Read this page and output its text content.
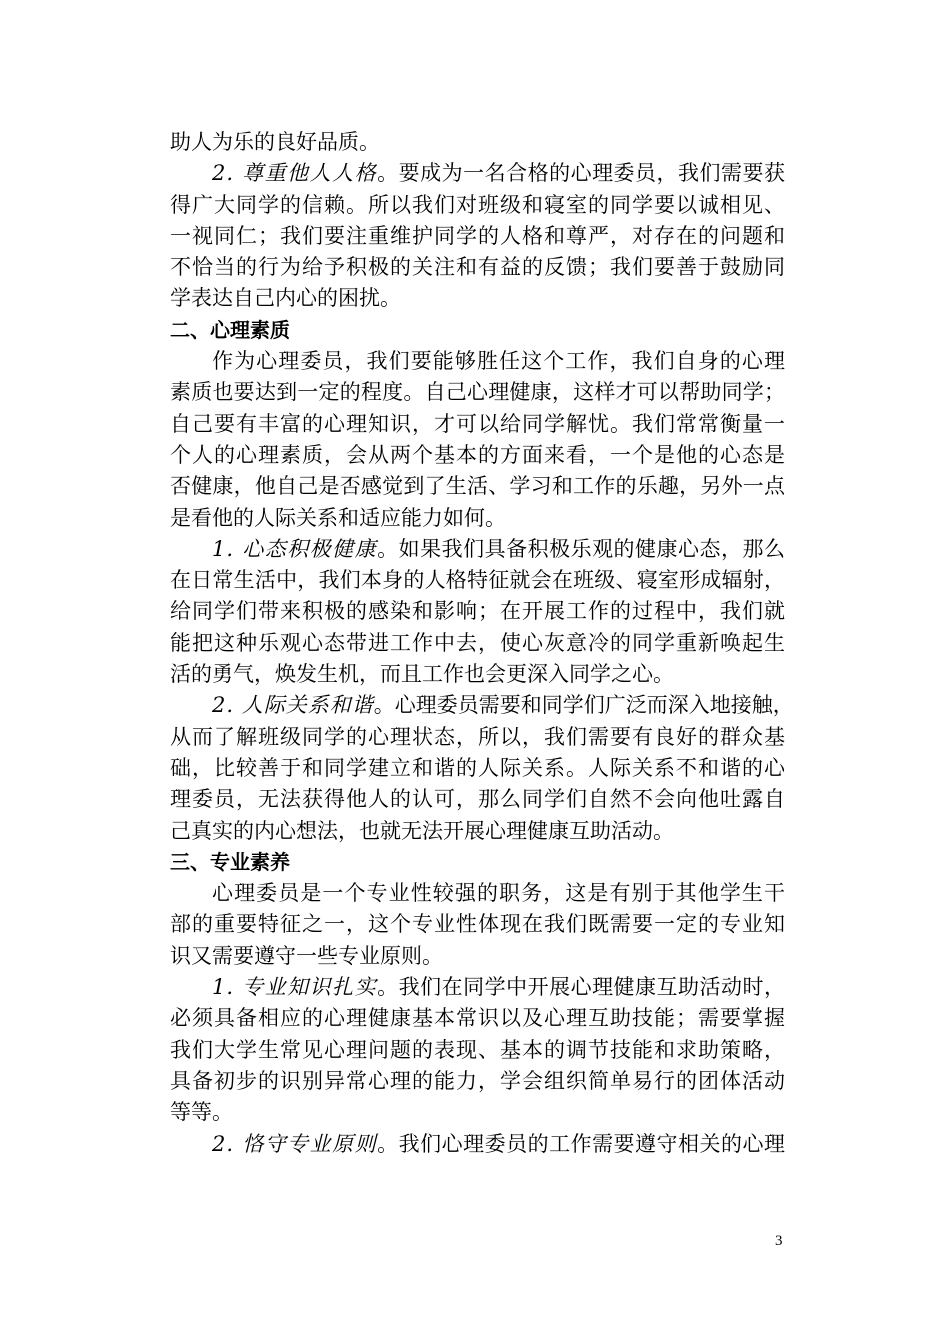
助人为乐的良好品质。
2. 尊重他人人格。要成为一名合格的心理委员，我们需要获
得广大同学的信赖。所以我们对班级和寝室的同学要以诚相见、
一视同仁；我们要注重维护同学的人格和尊严，对存在的问题和
不恰当的行为给予积极的关注和有益的反馈；我们要善于鼓励同
学表达自己内心的困扰。
二、心理素质
作为心理委员，我们要能够胜任这个工作，我们自身的心理
素质也要达到一定的程度。自己心理健康，这样才可以帮助同学；
自己要有丰富的心理知识，才可以给同学解忧。我们常常衡量一
个人的心理素质，会从两个基本的方面来看，一个是他的心态是
否健康，他自己是否感觉到了生活、学习和工作的乐趣，另外一点
是看他的人际关系和适应能力如何。
1. 心态积极健康。如果我们具备积极乐观的健康心态，那么
在日常生活中，我们本身的人格特征就会在班级、寝室形成辐射，
给同学们带来积极的感染和影响；在开展工作的过程中，我们就
能把这种乐观心态带进工作中去，使心灰意冷的同学重新唤起生
活的勇气，焕发生机，而且工作也会更深入同学之心。
2. 人际关系和谐。心理委员需要和同学们广泛而深入地接触，
从而了解班级同学的心理状态，所以，我们需要有良好的群众基
础，比较善于和同学建立和谐的人际关系。人际关系不和谐的心
理委员，无法获得他人的认可，那么同学们自然不会向他吐露自
己真实的内心想法，也就无法开展心理健康互助活动。
三、专业素养
心理委员是一个专业性较强的职务，这是有别于其他学生干
部的重要特征之一，这个专业性体现在我们既需要一定的专业知
识又需要遵守一些专业原则。
1. 专业知识扎实。我们在同学中开展心理健康互助活动时，
必须具备相应的心理健康基本常识以及心理互助技能；需要掌握
我们大学生常见心理问题的表现、基本的调节技能和求助策略，
具备初步的识别异常心理的能力，学会组织简单易行的团体活动
等等。
2. 恪守专业原则。我们心理委员的工作需要遵守相关的心理
3
